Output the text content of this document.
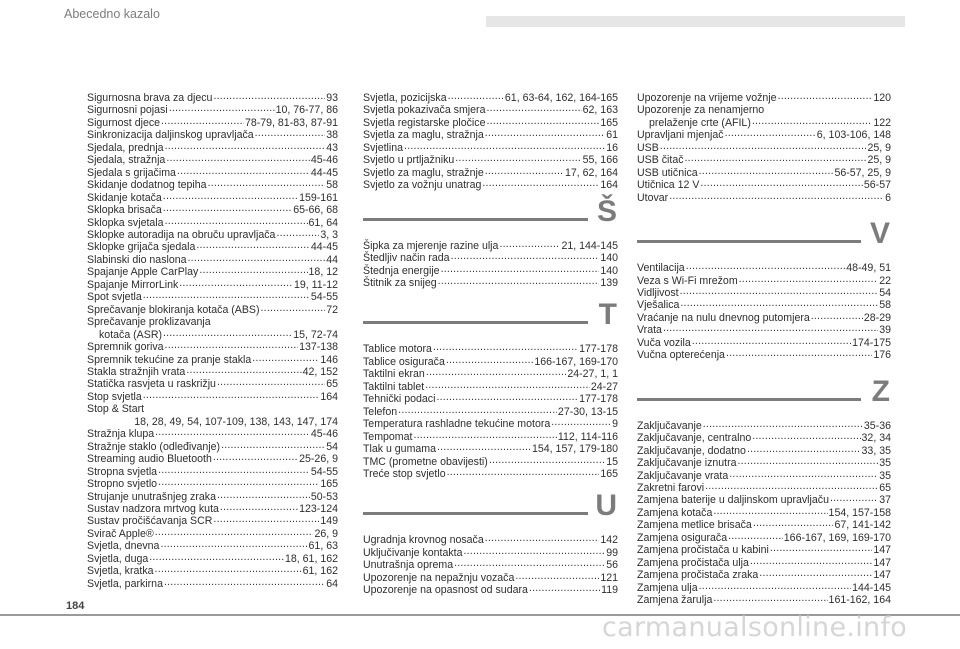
Abecedno kazalo
Sigurnosna brava za djecu .....	93
Sigurnosni pojasi .....	10, 76-77, 86
Sigurnost djece .....	78-79, 81-83, 87-91
Sinkronizacija daljinskog upravljača .....	38
Sjedala, prednja .....	43
Sjedala, stražnja .....	45-46
Sjedala s grijačima .....	44-45
Skidanje dodatnog tepiha .....	58
Skidanje kotača .....	159-161
Sklopka brisača .....	65-66, 68
Sklopka svjetala .....	61, 64
Sklopke autoradija na obruču upravljača .....	3, 3
Sklopke grijača sjedala .....	44-45
Slabinski dio naslona .....	44
Spajanje Apple CarPlay .....	18, 12
Spajanje MirrorLink .....	19, 11-12
Spot svjetla .....	54-55
Sprečavanje blokiranja kotača (ABS) .....	72
Sprečavanje proklizavanja
kotača (ASR) .....	15, 72-74
Spremnik goriva .....	137-138
Spremnik tekućine za pranje stakla .....	146
Stakla stražnjih vrata .....	42, 152
Statička rasvjeta u raskrižju .....	65
Stop svjetla .....	164
Stop & Start
18, 28, 49, 54, 107-109, 138, 143, 147, 174
Stražnja klupa .....	45-46
Stražnje staklo (odleđivanje) .....	54
Streaming audio Bluetooth .....	25-26, 9
Stropna svjetla .....	54-55
Stropno svjetlo .....	165
Strujanje unutrašnjeg zraka .....	50-53
Sustav nadzora mrtvog kuta .....	123-124
Sustav pročišćavanja SCR .....	149
Svirač Apple® .....	26, 9
Svjetla, dnevna .....	61, 63
Svjetla, duga .....	18, 61, 162
Svjetla, kratka .....	61, 162
Svjetla, parkirna .....	64
Svjetla, pozicijska .....	61, 63-64, 162, 164-165
Svjetla pokazivača smjera .....	62, 163
Svjetla registarske pločice .....	165
Svjetla za maglu, stražnja .....	61
Svjetlina .....	16
Svjetlo u prtljažniku .....	55, 166
Svjetlo za maglu, stražnje .....	17, 62, 164
Svjetlo za vožnju unatrag .....	164
Š
Šipka za mjerenje razine ulja .....	21, 144-145
Štedljiv način rada .....	140
Štednja energije .....	140
Štitnik za snijeg .....	139
T
Tablice motora .....	177-178
Tablice osigurača .....	166-167, 169-170
Taktilni ekran .....	24-27, 1, 1
Taktilni tablet .....	24-27
Tehnički podaci .....	177-178
Telefon .....	27-30, 13-15
Temperatura rashladne tekućine motora .....	9
Tempomat .....	112, 114-116
Tlak u gumama .....	154, 157, 179-180
TMC (prometne obavijesti) .....	15
Treće stop svjetlo .....	165
U
Ugradnja krovnog nosača .....	142
Uključivanje kontakta .....	99
Unutrašnja oprema .....	56
Upozorenje na nepažnju vozača .....	121
Upozorenje na opasnost od sudara .....	119
Upozorenje na vrijeme vožnje .....	120
Upozorenje za nenamjerno
prelaženje crte (AFIL) .....	122
Upravljani mjenjač .....	6, 103-106, 148
USB .....	25, 9
USB čitač .....	25, 9
USB utičnica .....	56-57, 25, 9
Utičnica 12 V .....	56-57
Utovar .....	6
V
Ventilacija .....	48-49, 51
Veza s Wi-Fi mrežom .....	22
Vidljivost .....	54
Vješalica .....	58
Vraćanje na nulu dnevnog putomjera .....	28-29
Vrata .....	39
Vuča vozila .....	174-175
Vučna opterećenja .....	176
Z
Zaključavanje .....	35-36
Zaključavanje, centralno .....	32, 34
Zaključavanje, dodatno .....	33, 35
Zaključavanje iznutra .....	35
Zaključavanje vrata .....	35
Zakretni farovi .....	65
Zamjena baterije u daljinskom upravljaču .....	37
Zamjena kotača .....	154, 157-158
Zamjena metlice brisača .....	67, 141-142
Zamjena osigurača .....	166-167, 169, 169-170
Zamjena pročistača u kabini .....	147
Zamjena pročistača ulja .....	147
Zamjena pročistača zraka .....	147
Zamjena ulja .....	144-145
Zamjena žarulja .....	161-162, 164
184
carmanualsonline.info
